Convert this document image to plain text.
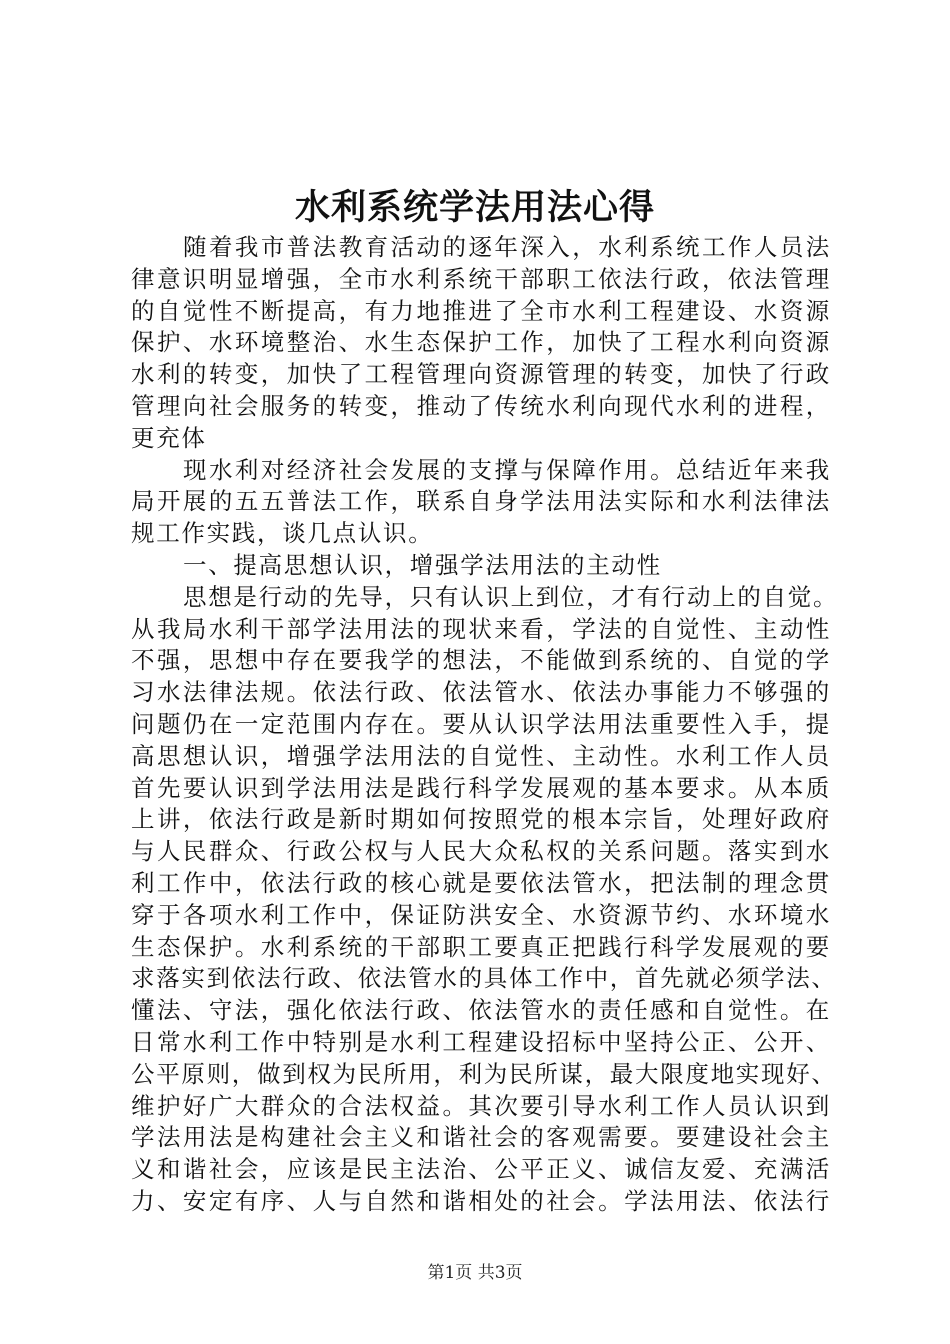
水利系统学法用法心得
随着我市普法教育活动的逐年深入，水利系统工作人员法
律意识明显增强，全市水利系统干部职工依法行政，依法管理
的自觉性不断提高，有力地推进了全市水利工程建设、水资源
保护、水环境整治、水生态保护工作，加快了工程水利向资源
水利的转变，加快了工程管理向资源管理的转变，加快了行政
管理向社会服务的转变，推动了传统水利向现代水利的进程，
更充体
现水利对经济社会发展的支撑与保障作用。总结近年来我
局开展的五五普法工作，联系自身学法用法实际和水利法律法
规工作实践，谈几点认识。
一、提高思想认识，增强学法用法的主动性
思想是行动的先导，只有认识上到位，才有行动上的自觉。
从我局水利干部学法用法的现状来看，学法的自觉性、主动性
不强，思想中存在要我学的想法，不能做到系统的、自觉的学
习水法律法规。依法行政、依法管水、依法办事能力不够强的
问题仍在一定范围内存在。要从认识学法用法重要性入手，提
高思想认识，增强学法用法的自觉性、主动性。水利工作人员
首先要认识到学法用法是践行科学发展观的基本要求。从本质
上讲，依法行政是新时期如何按照党的根本宗旨，处理好政府
与人民群众、行政公权与人民大众私权的关系问题。落实到水
利工作中，依法行政的核心就是要依法管水，把法制的理念贯
穿于各项水利工作中，保证防洪安全、水资源节约、水环境水
生态保护。水利系统的干部职工要真正把践行科学发展观的要
求落实到依法行政、依法管水的具体工作中，首先就必须学法、
懂法、守法，强化依法行政、依法管水的责任感和自觉性。在
日常水利工作中特别是水利工程建设招标中坚持公正、公开、
公平原则，做到权为民所用，利为民所谋，最大限度地实现好、
维护好广大群众的合法权益。其次要引导水利工作人员认识到
学法用法是构建社会主义和谐社会的客观需要。要建设社会主
义和谐社会，应该是民主法治、公平正义、诚信友爱、充满活
力、安定有序、人与自然和谐相处的社会。学法用法、依法行
第1页 共3页
